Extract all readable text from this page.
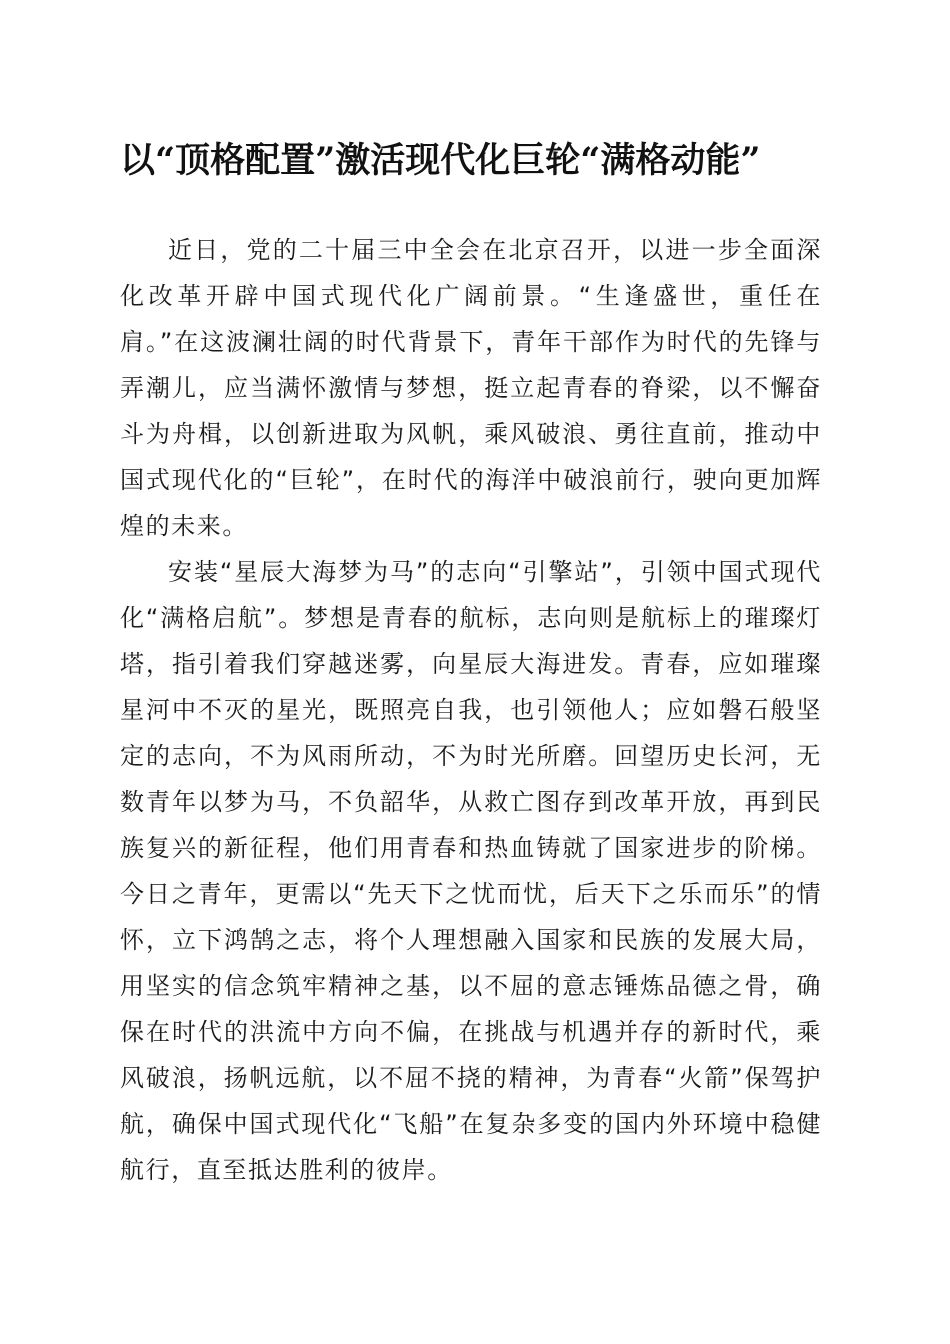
以“顶格配置”激活现代化巨轮“满格动能”

近日，党的二十届三中全会在北京召开，以进一步全面深化改革开辟中国式现代化广阔前景。“生逢盛世，重任在肩。”在这波澜壮阔的时代背景下，青年干部作为时代的先锋与弄潮儿，应当满怀激情与梦想，挺立起青春的脊梁，以不懈奋斗为舟楫，以创新进取为风帆，乘风破浪、勇往直前，推动中国式现代化的“巨轮”，在时代的海洋中破浪前行，驶向更加辉煌的未来。

安装“星辰大海梦为马”的志向“引擎站”，引领中国式现代化“满格启航”。梦想是青春的航标，志向则是航标上的璀璨灯塔，指引着我们穿越迷雾，向星辰大海进发。青春，应如璀璨星河中不灭的星光，既照亮自我，也引领他人；应如磐石般坚定的志向，不为风雨所动，不为时光所磨。回望历史长河，无数青年以梦为马，不负韶华，从救亡图存到改革开放，再到民族复兴的新征程，他们用青春和热血铸就了国家进步的阶梯。今日之青年，更需以“先天下之忧而忧，后天下之乐而乐”的情怀，立下鸿鹄之志，将个人理想融入国家和民族的发展大局，用坚实的信念筑牢精神之基，以不屈的意志锤炼品德之骨，确保在时代的洪流中方向不偏，在挑战与机遇并存的新时代，乘风破浪，扬帆远航，以不屈不挠的精神，为青春“火箭”保驾护航，确保中国式现代化“飞船”在复杂多变的国内外环境中稳健航行，直至抵达胜利的彼岸。
